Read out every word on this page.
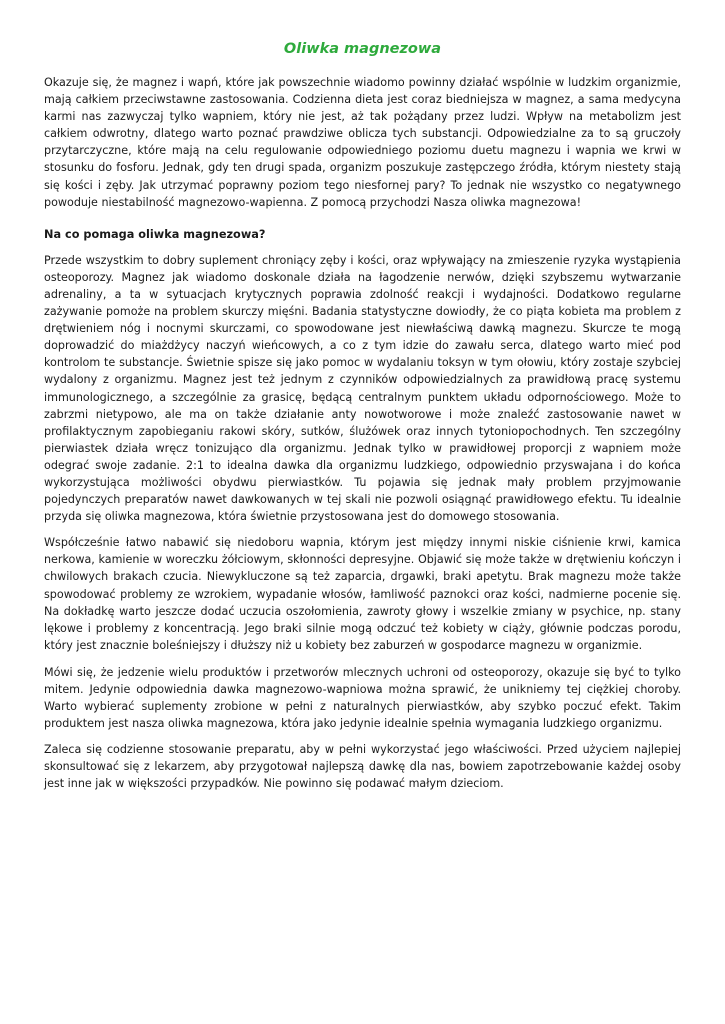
Oliwka magnezowa

Okazuje się, że magnez i wapń, które jak powszechnie wiadomo powinny działać wspólnie w ludzkim organizmie, mają całkiem przeciwstawne zastosowania. Codzienna dieta jest coraz biedniejsza w magnez, a sama medycyna karmi nas zazwyczaj tylko wapniem, który nie jest, aż tak pożądany przez ludzi. Wpływ na metabolizm jest całkiem odwrotny, dlatego warto poznać prawdziwe oblicza tych substancji. Odpowiedzialne za to są gruczoły przytarczyczne, które mają na celu regulowanie odpowiedniego poziomu duetu magnezu i wapnia we krwi w stosunku do fosforu. Jednak, gdy ten drugi spada, organizm poszukuje zastępczego źródła, którym niestety stają się kości i zęby. Jak utrzymać poprawny poziom tego niesfornej pary? To jednak nie wszystko co negatywnego powoduje niestabilność magnezowo-wapienna. Z pomocą przychodzi Nasza oliwka magnezowa!

Na co pomaga oliwka magnezowa?

Przede wszystkim to dobry suplement chroniący zęby i kości, oraz wpływający na zmieszenie ryzyka wystąpienia osteoporozy. Magnez jak wiadomo doskonale działa na łagodzenie nerwów, dzięki szybszemu wytwarzanie adrenaliny, a ta w sytuacjach krytycznych poprawia zdolność reakcji i wydajności. Dodatkowo regularne zażywanie pomoże na problem skurczy mięśni. Badania statystyczne dowiodły, że co piąta kobieta ma problem z drętwieniem nóg i nocnymi skurczami, co spowodowane jest niewłaściwą dawką magnezu. Skurcze te mogą doprowadzić do miażdżycy naczyń wieńcowych, a co z tym idzie do zawału serca, dlatego warto mieć pod kontrolom te substancje. Świetnie spisze się jako pomoc w wydalaniu toksyn w tym ołowiu, który zostaje szybciej wydalony z organizmu. Magnez jest też jednym z czynników odpowiedzialnych za prawidłową pracę systemu immunologicznego, a szczególnie za grasicę, będącą centralnym punktem układu odpornościowego. Może to zabrzmi nietypowo, ale ma on także działanie anty nowotworowe i może znaleźć zastosowanie nawet w profilaktycznym zapobieganiu rakowi skóry, sutków, ślużówek oraz innych tytoniopochodnych. Ten szczególny pierwiastek działa wręcz tonizująco dla organizmu. Jednak tylko w prawidłowej proporcji z wapniem może odegrać swoje zadanie. 2:1 to idealna dawka dla organizmu ludzkiego, odpowiednio przyswajana i do końca wykorzystująca możliwości obydwu pierwiastków. Tu pojawia się jednak mały problem przyjmowanie pojedynczych preparatów nawet dawkowanych w tej skali nie pozwoli osiągnąć prawidłowego efektu. Tu idealnie przyda się oliwka magnezowa, która świetnie przystosowana jest do domowego stosowania.

Współcześnie łatwo nabawić się niedoboru wapnia, którym jest między innymi niskie ciśnienie krwi, kamica nerkowa, kamienie w woreczku żółciowym, skłonności depresyjne. Objawić się może także w drętwieniu kończyn i chwilowych brakach czucia. Niewykluczone są też zaparcia, drgawki, braki apetytu. Brak magnezu może także spowodować problemy ze wzrokiem, wypadanie włosów, łamliwość paznokci oraz kości, nadmierne pocenie się. Na dokładkę warto jeszcze dodać uczucia oszołomienia, zawroty głowy i wszelkie zmiany w psychice, np. stany lękowe i problemy z koncentracją. Jego braki silnie mogą odczuć też kobiety w ciąży, głównie podczas porodu, który jest znacznie boleśniejszy i dłuższy niż u kobiety bez zaburzeń w gospodarce magnezu w organizmie.

Mówi się, że jedzenie wielu produktów i przetworów mlecznych uchroni od osteoporozy, okazuje się być to tylko mitem. Jedynie odpowiednia dawka magnezowo-wapniowa można sprawić, że unikniemy tej ciężkiej choroby. Warto wybierać suplementy zrobione w pełni z naturalnych pierwiastków, aby szybko poczuć efekt. Takim produktem jest nasza oliwka magnezowa, która jako jedynie idealnie spełnia wymagania ludzkiego organizmu.

Zaleca się codzienne stosowanie preparatu, aby w pełni wykorzystać jego właściwości. Przed użyciem najlepiej skonsultować się z lekarzem, aby przygotował najlepszą dawkę dla nas, bowiem zapotrzebowanie każdej osoby jest inne jak w większości przypadków. Nie powinno się podawać małym dzieciom.
